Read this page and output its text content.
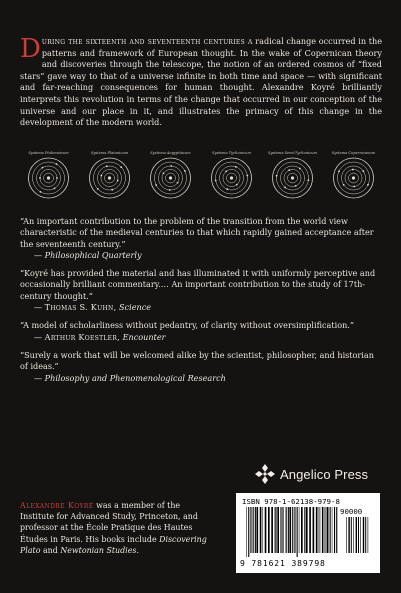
During the sixteenth and seventeenth centuries a radical change occurred in the patterns and framework of European thought. In the wake of Copernican theory and discoveries through the telescope, the notion of an ordered cosmos of “fixed stars” gave way to that of a universe infinite in both time and space — with significant and far-reaching consequences for human thought. Alexandre Koyré brilliantly interprets this revolution in terms of the change that occurred in our conception of the universe and our place in it, and illustrates the primacy of this change in the development of the modern world.

Systema Ptolemaicum	Systema Platonicum	Systema Aegyptiacum	Systema Tychonicum	Systema Semi-Tychonicum	Systema Copernicanum
“An important contribution to the problem of the transition from the world view characteristic of the medieval centuries to that which rapidly gained acceptance after the seventeenth century.”
— Philosophical Quarterly
“Koyré has provided the material and has illuminated it with uniformly perceptive and occasionally brilliant commentary.… An important contribution to the study of 17th-century thought.”
— Thomas S. Kuhn, Science
“A model of scholarliness without pedantry, of clarity without oversimplification.”
— Arthur Koestler, Encounter
“Surely a work that will be welcomed alike by the scientist, philosopher, and historian of ideas.”
— Philosophy and Phenomenological Research
Angelico Press

Alexandre Koyré was a member of the Institute for Advanced Study, Princeton, and professor at the École Pratique des Hautes Études in Paris. His books include Discovering Plato and Newtonian Studies.

ISBN 978-1-62138-979-8
90000
9 781621 389798
